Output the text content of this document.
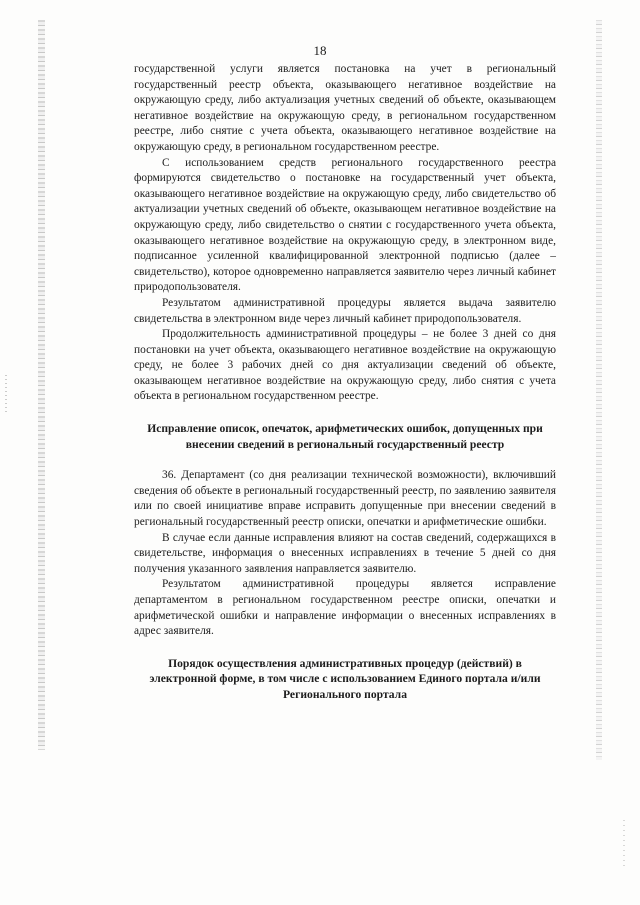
18

государственной услуги является постановка на учет в региональный государственный реестр объекта, оказывающего негативное воздействие на окружающую среду, либо актуализация учетных сведений об объекте, оказывающем негативное воздействие на окружающую среду, в региональном государственном реестре, либо снятие с учета объекта, оказывающего негативное воздействие на окружающую среду, в региональном государственном реестре.

С использованием средств регионального государственного реестра формируются свидетельство о постановке на государственный учет объекта, оказывающего негативное воздействие на окружающую среду, либо свидетельство об актуализации учетных сведений об объекте, оказывающем негативное воздействие на окружающую среду, либо свидетельство о снятии с государственного учета объекта, оказывающего негативное воздействие на окружающую среду, в электронном виде, подписанное усиленной квалифицированной электронной подписью (далее – свидетельство), которое одновременно направляется заявителю через личный кабинет природопользователя.

Результатом административной процедуры является выдача заявителю свидетельства в электронном виде через личный кабинет природопользователя.

Продолжительность административной процедуры – не более 3 дней со дня постановки на учет объекта, оказывающего негативное воздействие на окружающую среду, не более 3 рабочих дней со дня актуализации сведений об объекте, оказывающем негативное воздействие на окружающую среду, либо снятия с учета объекта в региональном государственном реестре.

Исправление описок, опечаток, арифметических ошибок, допущенных при внесении сведений в региональный государственный реестр

36. Департамент (со дня реализации технической возможности), включивший сведения об объекте в региональный государственный реестр, по заявлению заявителя или по своей инициативе вправе исправить допущенные при внесении сведений в региональный государственный реестр описки, опечатки и арифметические ошибки.

В случае если данные исправления влияют на состав сведений, содержащихся в свидетельстве, информация о внесенных исправлениях в течение 5 дней со дня получения указанного заявления направляется заявителю.

Результатом административной процедуры является исправление департаментом в региональном государственном реестре описки, опечатки и арифметической ошибки и направление информации о внесенных исправлениях в адрес заявителя.

Порядок осуществления административных процедур (действий) в электронной форме, в том числе с использованием Единого портала и/или Регионального портала
